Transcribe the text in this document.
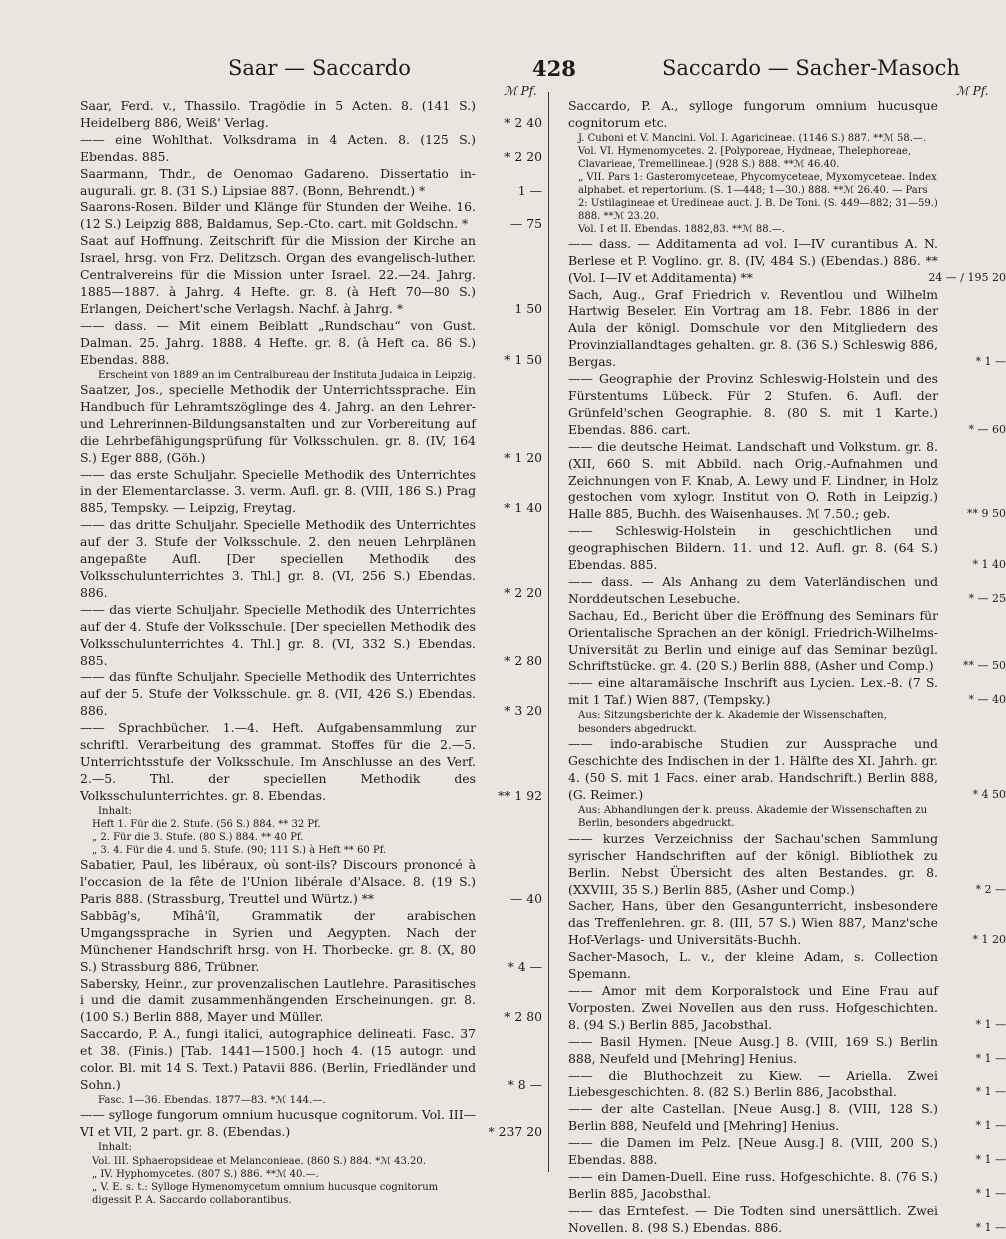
Saar — Saccardo	428	Saccardo — Sacher-Masoch
ℳ Pf.	ℳ Pf.
Saar, Ferd. v., Thassilo. Tragödie in 5 Acten. 8. (141 S.) Heidelberg 886, Weiß' Verlag.	* 2 40
—— eine Wohlthat. Volksdrama in 4 Acten. 8. (125 S.) Ebendas. 885.	* 2 20
Saarmann, Thdr., de Oenomao Gadareno. Dissertatio in-augurali. gr. 8. (31 S.) Lipsiae 887. (Bonn, Behrendt.) *	1 —
Saarons-Rosen. Bilder und Klänge für Stunden der Weihe. 16. (12 S.) Leipzig 888, Baldamus, Sep.-Cto. cart. mit Goldschn. *	— 75
Saat auf Hoffnung. Zeitschrift für die Mission der Kirche an Israel, hrsg. von Frz. Delitzsch. Organ des evangelisch-luther. Centralvereins für die Mission unter Israel. 22.—24. Jahrg. 1885—1887. à Jahrg. 4 Hefte. gr. 8. (à Heft 70—80 S.) Erlangen, Deichert'sche Verlagsh. Nachf. à Jahrg. *	1 50
—— dass. — Mit einem Beiblatt „Rundschau“ von Gust. Dalman. 25. Jahrg. 1888. 4 Hefte. gr. 8. (à Heft ca. 86 S.) Ebendas. 888.	* 1 50
Erscheint von 1889 an im Centralbureau der Instituta Judaica in Leipzig.
Saatzer, Jos., specielle Methodik der Unterrichtssprache. Ein Handbuch für Lehramtszöglinge des 4. Jahrg. an den Lehrer- und Lehrerinnen-Bildungsanstalten und zur Vorbereitung auf die Lehrbefähigungsprüfung für Volksschulen. gr. 8. (IV, 164 S.) Eger 888, (Göh.)	* 1 20
—— das erste Schuljahr. Specielle Methodik des Unterrichtes in der Elementarclasse. 3. verm. Aufl. gr. 8. (VIII, 186 S.) Prag 885, Tempsky. — Leipzig, Freytag.	* 1 40
—— das dritte Schuljahr. Specielle Methodik des Unterrichtes auf der 3. Stufe der Volksschule. 2. den neuen Lehrplänen angepaßte Aufl. [Der speciellen Methodik des Volksschulunterrichtes 3. Thl.] gr. 8. (VI, 256 S.) Ebendas. 886.	* 2 20
—— das vierte Schuljahr. Specielle Methodik des Unterrichtes auf der 4. Stufe der Volksschule. [Der speciellen Methodik des Volksschulunterrichtes 4. Thl.] gr. 8. (VI, 332 S.) Ebendas. 885.	* 2 80
—— das fünfte Schuljahr. Specielle Methodik des Unterrichtes auf der 5. Stufe der Volksschule. gr. 8. (VII, 426 S.) Ebendas. 886.	* 3 20
—— Sprachbücher. 1.—4. Heft. Aufgabensammlung zur schriftl. Verarbeitung des grammat. Stoffes für die 2.—5. Unterrichtsstufe der Volksschule. Im Anschlusse an des Verf. 2.—5. Thl. der speciellen Methodik des Volksschulunterrichtes. gr. 8. Ebendas.	** 1 92
Inhalt:
Heft 1. Für die 2. Stufe. (56 S.) 884. ** 32 Pf.
„ 2. Für die 3. Stufe. (80 S.) 884. ** 40 Pf.
„ 3. 4. Für die 4. und 5. Stufe. (90; 111 S.) à Heft ** 60 Pf.
Sabatier, Paul, les libéraux, où sont-ils? Discours prononcé à l'occasion de la fête de l'Union libérale d'Alsace. 8. (19 S.) Paris 888. (Strassburg, Treuttel und Würtz.) **	— 40
Sabbāg's, Mîhâ'îl, Grammatik der arabischen Umgangssprache in Syrien und Aegypten. Nach der Münchener Handschrift hrsg. von H. Thorbecke. gr. 8. (X, 80 S.) Strassburg 886, Trübner.	* 4 —
Sabersky, Heinr., zur provenzalischen Lautlehre. Parasitisches i und die damit zusammenhängenden Erscheinungen. gr. 8. (100 S.) Berlin 888, Mayer und Müller.	* 2 80
Saccardo, P. A., fungi italici, autographice delineati. Fasc. 37 et 38. (Finis.) [Tab. 1441—1500.] hoch 4. (15 autogr. und color. Bl. mit 14 S. Text.) Patavii 886. (Berlin, Friedländer und Sohn.)	* 8 —
Fasc. 1—36. Ebendas. 1877—83. *ℳ 144.—.
—— sylloge fungorum omnium hucusque cognitorum. Vol. III—VI et VII, 2 part. gr. 8. (Ebendas.)	* 237 20
Inhalt:
Vol. III. Sphaeropsideae et Melanconieae. (860 S.) 884. *ℳ 43.20.
„ IV. Hyphomycetes. (807 S.) 886. **ℳ 40.—.
„ V. E. s. t.: Sylloge Hymenomycetum omnium hucusque cognitorum digessit P. A. Saccardo collaborantibus.
Saccardo, P. A., sylloge fungorum omnium hucusque cognitorum etc.
J. Cuboni et V. Mancini. Vol. I. Agaricineae. (1146 S.) 887. **ℳ 58.—.
Vol. VI. Hymenomycetes. 2. [Polyporeae, Hydneae, Thelephoreae, Clavarieae, Tremellineae.] (928 S.) 888. **ℳ 46.40.
„ VII. Pars 1: Gasteromyceteae, Phycomyceteae, Myxomyceteae. Index alphabet. et repertorium. (S. 1—448; 1—30.) 888. **ℳ 26.40. — Pars 2: Ustilagineae et Uredineae auct. J. B. De Toni. (S. 449—882; 31—59.) 888. **ℳ 23.20.
Vol. I et II. Ebendas. 1882,83. **ℳ 88.—.
—— dass. — Additamenta ad vol. I—IV curantibus A. N. Berlese et P. Voglino. gr. 8. (IV, 484 S.) (Ebendas.) 886. ** (Vol. I—IV et Additamenta) **	24 — / 195 20
Sach, Aug., Graf Friedrich v. Reventlou und Wilhelm Hartwig Beseler. Ein Vortrag am 18. Febr. 1886 in der Aula der königl. Domschule vor den Mitgliedern des Provinziallandtages gehalten. gr. 8. (36 S.) Schleswig 886, Bergas.	* 1 —
—— Geographie der Provinz Schleswig-Holstein und des Fürstentums Lübeck. Für 2 Stufen. 6. Aufl. der Grünfeld'schen Geographie. 8. (80 S. mit 1 Karte.) Ebendas. 886. cart.	* — 60
—— die deutsche Heimat. Landschaft und Volkstum. gr. 8. (XII, 660 S. mit Abbild. nach Orig.-Aufnahmen und Zeichnungen von F. Knab, A. Lewy und F. Lindner, in Holz gestochen vom xylogr. Institut von O. Roth in Leipzig.) Halle 885, Buchh. des Waisenhauses. ℳ 7.50.; geb.	** 9 50
—— Schleswig-Holstein in geschichtlichen und geographischen Bildern. 11. und 12. Aufl. gr. 8. (64 S.) Ebendas. 885.	* 1 40
—— dass. — Als Anhang zu dem Vaterländischen und Norddeutschen Lesebuche.	* — 25
Sachau, Ed., Bericht über die Eröffnung des Seminars für Orientalische Sprachen an der königl. Friedrich-Wilhelms-Universität zu Berlin und einige auf das Seminar bezügl. Schriftstücke. gr. 4. (20 S.) Berlin 888, (Asher und Comp.)	** — 50
—— eine altaramäische Inschrift aus Lycien. Lex.-8. (7 S. mit 1 Taf.) Wien 887, (Tempsky.)	* — 40
Aus: Sitzungsberichte der k. Akademie der Wissenschaften, besonders abgedruckt.
—— indo-arabische Studien zur Aussprache und Geschichte des Indischen in der 1. Hälfte des XI. Jahrh. gr. 4. (50 S. mit 1 Facs. einer arab. Handschrift.) Berlin 888, (G. Reimer.)	* 4 50
Aus: Abhandlungen der k. preuss. Akademie der Wissenschaften zu Berlin, besonders abgedruckt.
—— kurzes Verzeichniss der Sachau'schen Sammlung syrischer Handschriften auf der königl. Bibliothek zu Berlin. Nebst Übersicht des alten Bestandes. gr. 8. (XXVIII, 35 S.) Berlin 885, (Asher und Comp.)	* 2 —
Sacher, Hans, über den Gesangunterricht, insbesondere das Treffenlehren. gr. 8. (III, 57 S.) Wien 887, Manz'sche Hof-Verlags- und Universitäts-Buchh.	* 1 20
Sacher-Masoch, L. v., der kleine Adam, s. Collection Spemann.
—— Amor mit dem Korporalstock und Eine Frau auf Vorposten. Zwei Novellen aus den russ. Hofgeschichten. 8. (94 S.) Berlin 885, Jacobsthal.	* 1 —
—— Basil Hymen. [Neue Ausg.] 8. (VIII, 169 S.) Berlin 888, Neufeld und [Mehring] Henius.	* 1 —
—— die Bluthochzeit zu Kiew. — Ariella. Zwei Liebesgeschichten. 8. (82 S.) Berlin 886, Jacobsthal.	* 1 —
—— der alte Castellan. [Neue Ausg.] 8. (VIII, 128 S.) Berlin 888, Neufeld und [Mehring] Henius.	* 1 —
—— die Damen im Pelz. [Neue Ausg.] 8. (VIII, 200 S.) Ebendas. 888.	* 1 —
—— ein Damen-Duell. Eine russ. Hofgeschichte. 8. (76 S.) Berlin 885, Jacobsthal.	* 1 —
—— das Erntefest. — Die Todten sind unersättlich. Zwei Novellen. 8. (98 S.) Ebendas. 886.	* 1 —
